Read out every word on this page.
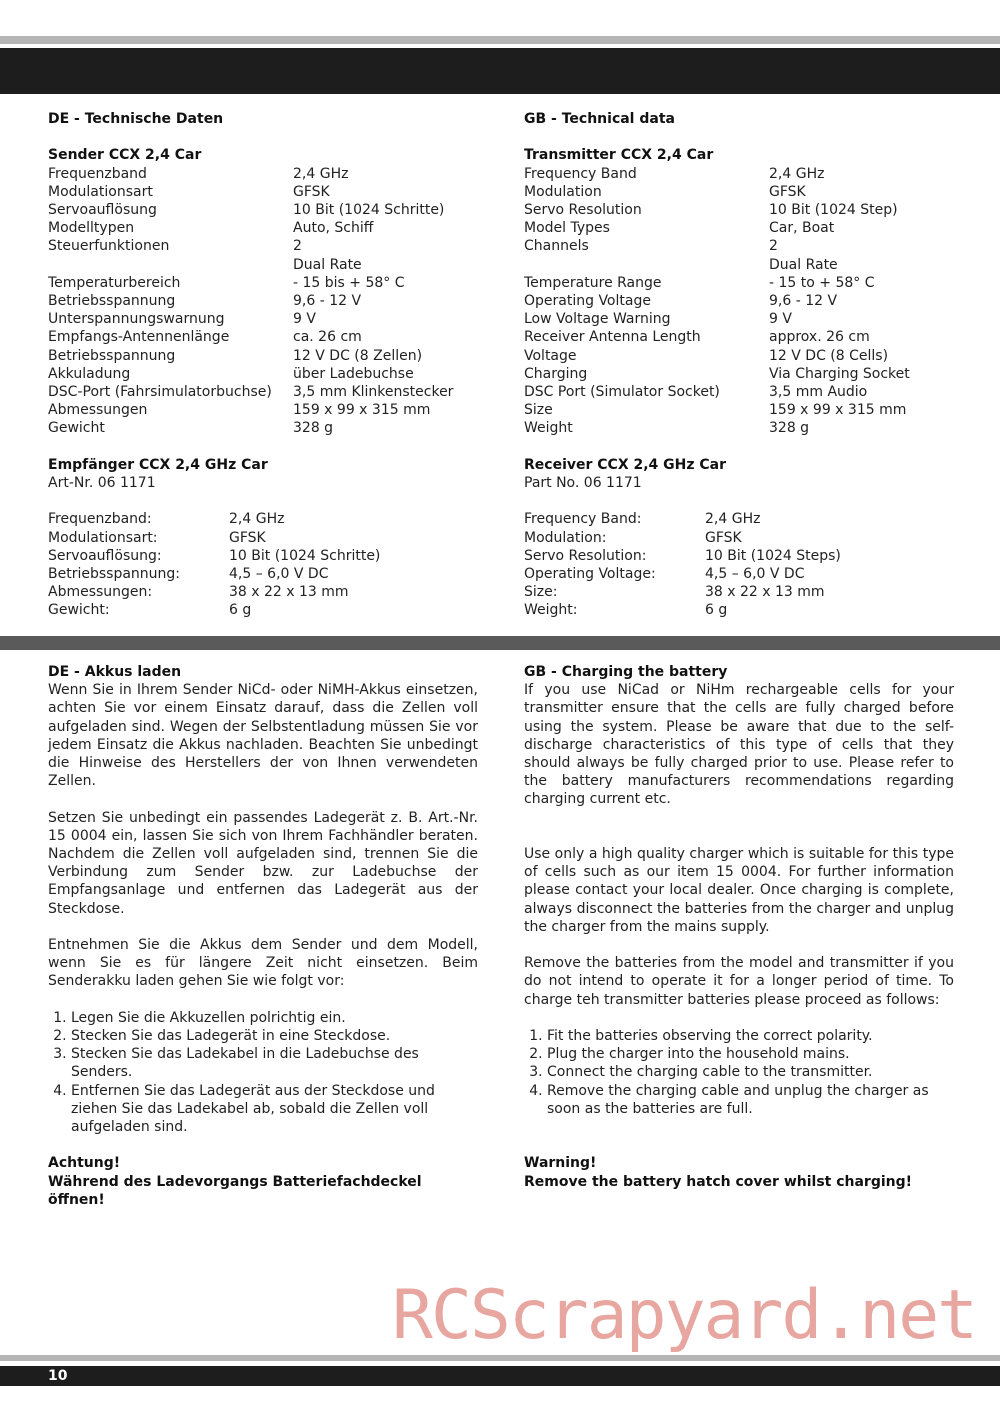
DE - Technische Daten
Sender CCX 2,4 Car
Frequenzband	2,4 GHz
Modulationsart	GFSK
Servoauflösung	10 Bit (1024 Schritte)
Modelltypen	Auto, Schiff
Steuerfunktionen	2
Dual Rate
Temperaturbereich	- 15 bis + 58° C
Betriebsspannung	9,6 - 12 V
Unterspannungswarnung	9 V
Empfangs-Antennenlänge	ca. 26 cm
Betriebsspannung	12 V DC (8 Zellen)
Akkuladung	über Ladebuchse
DSC-Port (Fahrsimulatorbuchse)	3,5 mm Klinkenstecker
Abmessungen	159 x 99 x 315 mm
Gewicht	328 g
Empfänger CCX 2,4 GHz Car
Art-Nr. 06 1171
Frequenzband:	2,4 GHz
Modulationsart:	GFSK
Servoauflösung:	10 Bit (1024 Schritte)
Betriebsspannung:	4,5 – 6,0 V DC
Abmessungen:	38 x 22 x 13 mm
Gewicht:	6 g
GB - Technical data
Transmitter CCX 2,4 Car
Frequency Band	2,4 GHz
Modulation	GFSK
Servo Resolution	10 Bit (1024 Step)
Model Types	Car, Boat
Channels	2
Dual Rate
Temperature Range	- 15 to + 58° C
Operating Voltage	9,6 - 12 V
Low Voltage Warning	9 V
Receiver Antenna Length	approx. 26 cm
Voltage	12 V DC (8 Cells)
Charging	Via Charging Socket
DSC Port (Simulator Socket)	3,5 mm Audio
Size	159 x 99 x 315 mm
Weight	328 g
Receiver CCX 2,4 GHz Car
Part No. 06 1171
Frequency Band:	2,4 GHz
Modulation:	GFSK
Servo Resolution:	10 Bit (1024 Steps)
Operating Voltage:	4,5 – 6,0 V DC
Size:	38 x 22 x 13 mm
Weight:	6 g
DE - Akkus laden

Wenn Sie in Ihrem Sender NiCd- oder NiMH-Akkus einsetzen, achten Sie vor einem Einsatz darauf, dass die Zellen voll aufgeladen sind. Wegen der Selbstentladung müssen Sie vor jedem Einsatz die Akkus nachladen. Beachten Sie unbedingt die Hinweise des Herstellers der von Ihnen verwendeten Zellen.

Setzen Sie unbedingt ein passendes Ladegerät z. B. Art.-Nr. 15 0004 ein, lassen Sie sich von Ihrem Fachhändler beraten. Nachdem die Zellen voll aufgeladen sind, trennen Sie die Verbindung zum Sender bzw. zur Ladebuchse der Empfangsanlage und entfernen das Ladegerät aus der Steckdose.

Entnehmen Sie die Akkus dem Sender und dem Modell, wenn Sie es für längere Zeit nicht einsetzen. Beim Senderakku laden gehen Sie wie folgt vor:

1. Legen Sie die Akkuzellen polrichtig ein.
2. Stecken Sie das Ladegerät in eine Steckdose.
3. Stecken Sie das Ladekabel in die Ladebuchse des Senders.
4. Entfernen Sie das Ladegerät aus der Steckdose und ziehen Sie das Ladekabel ab, sobald die Zellen voll aufgeladen sind.
Achtung!
Während des Ladevorgangs Batteriefachdeckel öffnen!
GB - Charging the battery

If you use NiCad or NiHm rechargeable cells for your transmitter ensure that the cells are fully charged before using the system. Please be aware that due to the self-discharge characteristics of this type of cells that they should always be fully charged prior to use. Please refer to the battery manufacturers recommendations regarding charging current etc.

Use only a high quality charger which is suitable for this type of cells such as our item 15 0004. For further information please contact your local dealer. Once charging is complete, always disconnect the batteries from the charger and unplug the charger from the mains supply.

Remove the batteries from the model and transmitter if you do not intend to operate it for a longer period of time. To charge teh transmitter batteries please proceed as follows:

1. Fit the batteries observing the correct polarity.
2. Plug the charger into the household mains.
3. Connect the charging cable to the transmitter.
4. Remove the charging cable and unplug the charger as soon as the batteries are full.
Warning!
Remove the battery hatch cover whilst charging!
RCScrapyard.net
10
